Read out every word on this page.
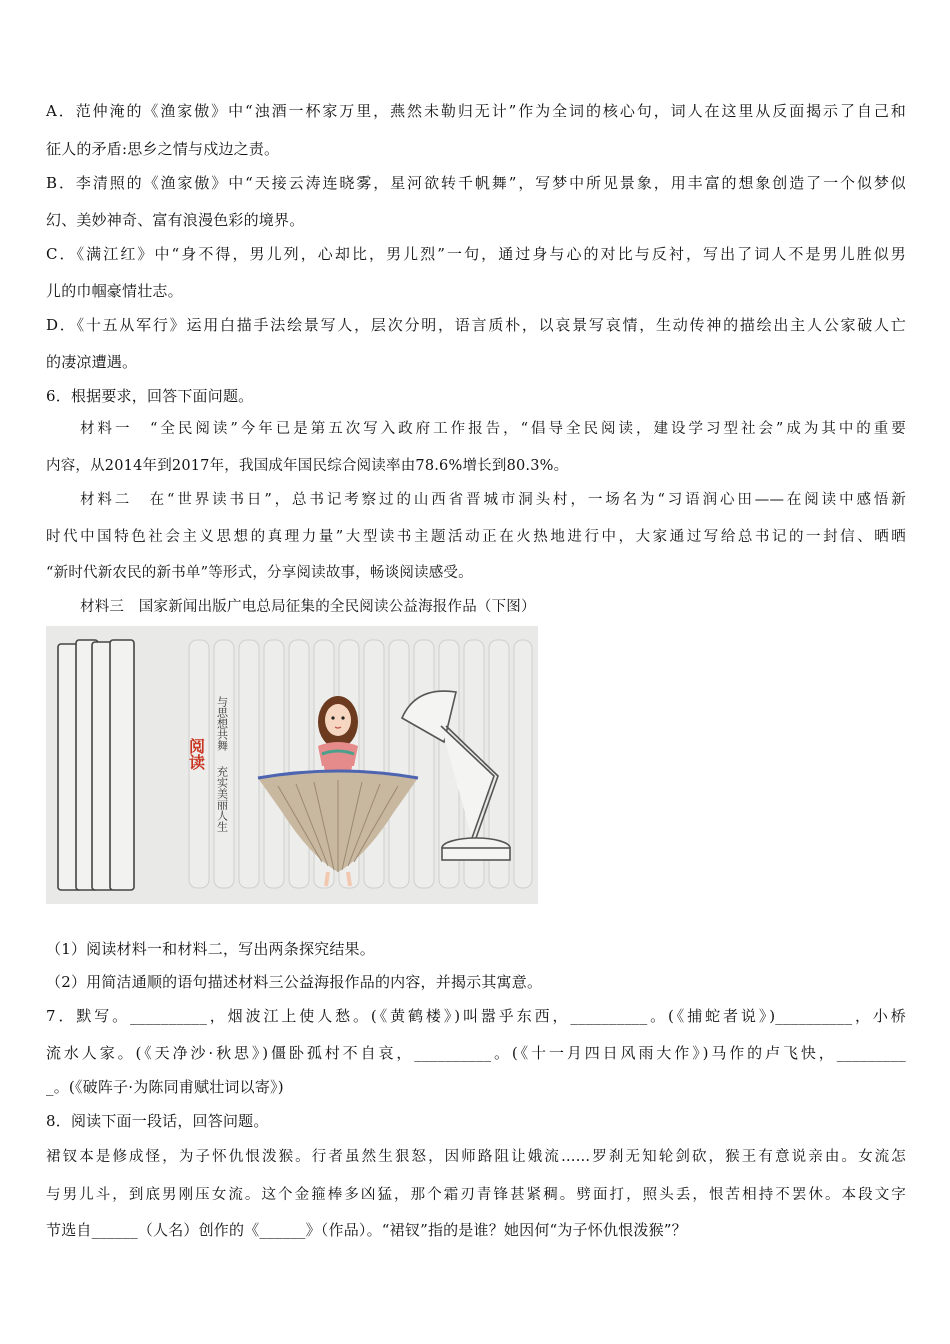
A．范仲淹的《渔家傲》中“浊酒一杯家万里，燕然未勒归无计”作为全词的核心句，词人在这里从反面揭示了自己和
征人的矛盾:思乡之情与戍边之责。
B．李清照的《渔家傲》中“天接云涛连晓雾，星河欲转千帆舞”，写梦中所见景象，用丰富的想象创造了一个似梦似
幻、美妙神奇、富有浪漫色彩的境界。
C．《满江红》中“身不得，男儿列，心却比，男儿烈”一句，通过身与心的对比与反衬，写出了词人不是男儿胜似男
儿的巾帼豪情壮志。
D．《十五从军行》运用白描手法绘景写人，层次分明，语言质朴，以哀景写哀情，生动传神的描绘出主人公家破人亡
的凄凉遭遇。
6．根据要求，回答下面问题。
材料一　“全民阅读”今年已是第五次写入政府工作报告，“倡导全民阅读，建设学习型社会”成为其中的重要
内容，从2014年到2017年，我国成年国民综合阅读率由78.6%增长到80.3%。
材料二　在“世界读书日”，总书记考察过的山西省晋城市洞头村，一场名为“习语润心田——在阅读中感悟新
时代中国特色社会主义思想的真理力量”大型读书主题活动正在火热地进行中，大家通过写给总书记的一封信、晒晒
“新时代新农民的新书单”等形式，分享阅读故事，畅谈阅读感受。
材料三　国家新闻出版广电总局征集的全民阅读公益海报作品（下图）
阅读
与思想共舞
充实美丽人生
（1）阅读材料一和材料二，写出两条探究结果。
（2）用简洁通顺的语句描述材料三公益海报作品的内容，并揭示其寓意。
7．默写。__________，烟波江上使人愁。(《黄鹤楼》)叫嚣乎东西，__________。(《捕蛇者说》)__________，小桥
流水人家。(《天净沙·秋思》)僵卧孤村不自哀，__________。(《十一月四日风雨大作》)马作的卢飞快，_________
_。(《破阵子·为陈同甫赋壮词以寄》)
8．阅读下面一段话，回答问题。
裙钗本是修成怪，为子怀仇恨泼猴。行者虽然生狠怒，因师路阻让娥流……罗刹无知轮剑砍，猴王有意说亲由。女流怎
与男儿斗，到底男刚压女流。这个金箍棒多凶猛，那个霜刃青锋甚紧稠。劈面打，照头丢，恨苦相持不罢休。本段文字
节选自______（人名）创作的《______》（作品）。“裙钗”指的是谁？她因何“为子怀仇恨泼猴”？
